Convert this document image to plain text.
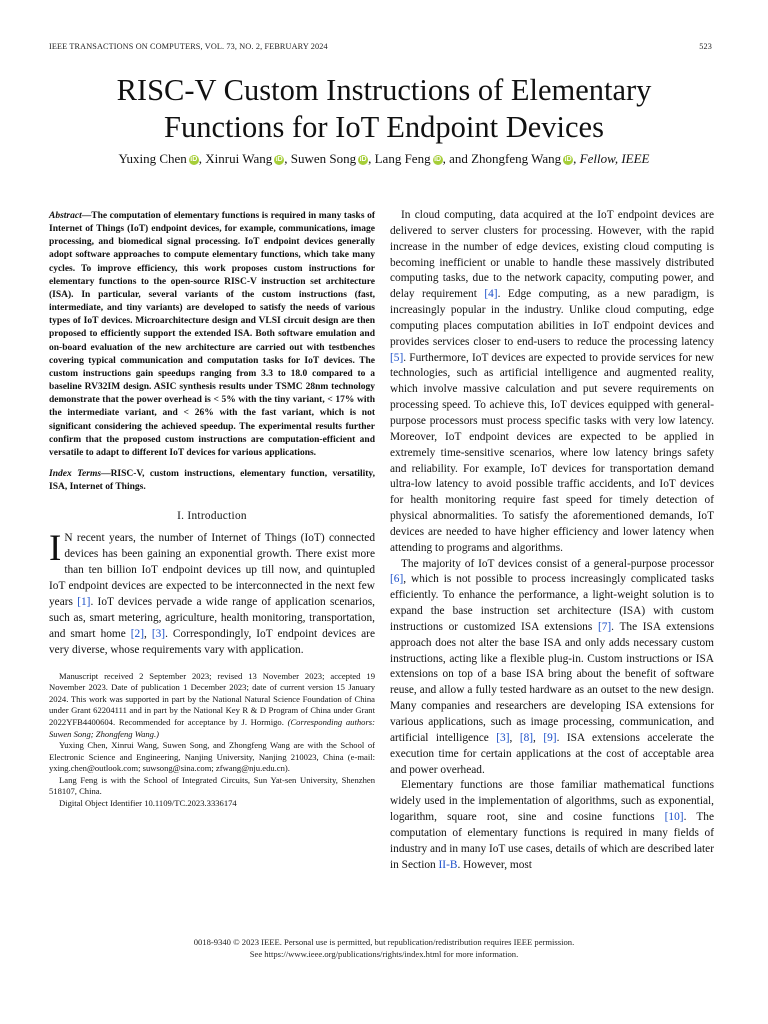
IEEE TRANSACTIONS ON COMPUTERS, VOL. 73, NO. 2, FEBRUARY 2024	523
RISC-V Custom Instructions of Elementary
Functions for IoT Endpoint Devices
Yuxing Chen iD , Xinrui Wang iD , Suwen Song iD , Lang Feng iD , and Zhongfeng Wang iD , Fellow, IEEE

Abstract—The computation of elementary functions is required in many tasks of Internet of Things (IoT) endpoint devices, for example, communications, image processing, and biomedical signal processing. IoT endpoint devices generally adopt software approaches to compute elementary functions, which take many cycles. To improve efficiency, this work proposes custom instructions for elementary functions to the open-source RISC-V instruction set architecture (ISA). In particular, several variants of the custom instructions (fast, intermediate, and tiny variants) are developed to satisfy the needs of various types of IoT devices. Microarchitecture design and VLSI circuit design are then proposed to efficiently support the extended ISA. Both software emulation and on-board evaluation of the new architecture are carried out with testbenches covering typical communication and computation tasks for IoT devices. The custom instructions gain speedups ranging from 3.3 to 18.0 compared to a baseline RV32IM design. ASIC synthesis results under TSMC 28nm technology demonstrate that the power overhead is < 5% with the tiny variant, < 17% with the intermediate variant, and < 26% with the fast variant, which is not significant considering the achieved speedup. The experimental results further confirm that the proposed custom instructions are computation-efficient and versatile to adapt to different IoT devices for various applications.

Index Terms—RISC-V, custom instructions, elementary function, versatility, ISA, Internet of Things.

I. Introduction

I N recent years, the number of Internet of Things (IoT) connected devices has been gaining an exponential growth. There exist more than ten billion IoT endpoint devices up till now, and quintupled IoT endpoint devices are expected to be interconnected in the next few years [1]. IoT devices pervade a wide range of application scenarios, such as, smart metering, agriculture, health monitoring, transportation, and smart home [2], [3]. Correspondingly, IoT endpoint devices are very diverse, whose requirements vary with application.

Manuscript received 2 September 2023; revised 13 November 2023; accepted 19 November 2023. Date of publication 1 December 2023; date of current version 15 January 2024. This work was supported in part by the National Natural Science Foundation of China under Grant 62204111 and in part by the National Key R & D Program of China under Grant 2022YFB4400604. Recommended for acceptance by J. Hormigo. (Corresponding authors: Suwen Song; Zhongfeng Wang.)

Yuxing Chen, Xinrui Wang, Suwen Song, and Zhongfeng Wang are with the School of Electronic Science and Engineering, Nanjing University, Nanjing 210023, China (e-mail: yxing.chen@outlook.com; suwsong@sina.com; zfwang@nju.edu.cn).

Lang Feng is with the School of Integrated Circuits, Sun Yat-sen University, Shenzhen 518107, China.

Digital Object Identifier 10.1109/TC.2023.3336174

In cloud computing, data acquired at the IoT endpoint devices are delivered to server clusters for processing. However, with the rapid increase in the number of edge devices, existing cloud computing is becoming inefficient or unable to handle these massively distributed computing tasks, due to the network capacity, computing power, and delay requirement [4]. Edge computing, as a new paradigm, is increasingly popular in the industry. Unlike cloud computing, edge computing places computation abilities in IoT endpoint devices and provides services closer to end-users to reduce the processing latency [5]. Furthermore, IoT devices are expected to provide services for new technologies, such as artificial intelligence and augmented reality, which involve massive calculation and put severe requirements on processing speed. To achieve this, IoT devices equipped with general-purpose processors must process specific tasks with very low latency. Moreover, IoT endpoint devices are expected to be applied in extremely time-sensitive scenarios, where low latency brings safety and reliability. For example, IoT devices for transportation demand ultra-low latency to avoid possible traffic accidents, and IoT devices for health monitoring require fast speed for timely detection of physical abnormalities. To satisfy the aforementioned demands, IoT devices are needed to have higher efficiency and lower latency when attending to programs and algorithms.

The majority of IoT devices consist of a general-purpose processor [6], which is not possible to process increasingly complicated tasks efficiently. To enhance the performance, a light-weight solution is to expand the base instruction set architecture (ISA) with custom instructions or customized ISA extensions [7]. The ISA extensions approach does not alter the base ISA and only adds necessary custom instructions, acting like a flexible plug-in. Custom instructions or ISA extensions on top of a base ISA bring about the benefit of software reuse, and allow a fully tested hardware as an outset to the new design. Many companies and researchers are developing ISA extensions for various applications, such as image processing, communication, and artificial intelligence [3], [8], [9]. ISA extensions accelerate the execution time for certain applications at the cost of acceptable area and power overhead.

Elementary functions are those familiar mathematical functions widely used in the implementation of algorithms, such as exponential, logarithm, square root, sine and cosine functions [10]. The computation of elementary functions is required in many fields of industry and in many IoT use cases, details of which are described later in Section II-B. However, most

0018-9340 © 2023 IEEE. Personal use is permitted, but republication/redistribution requires IEEE permission.
See https://www.ieee.org/publications/rights/index.html for more information.
